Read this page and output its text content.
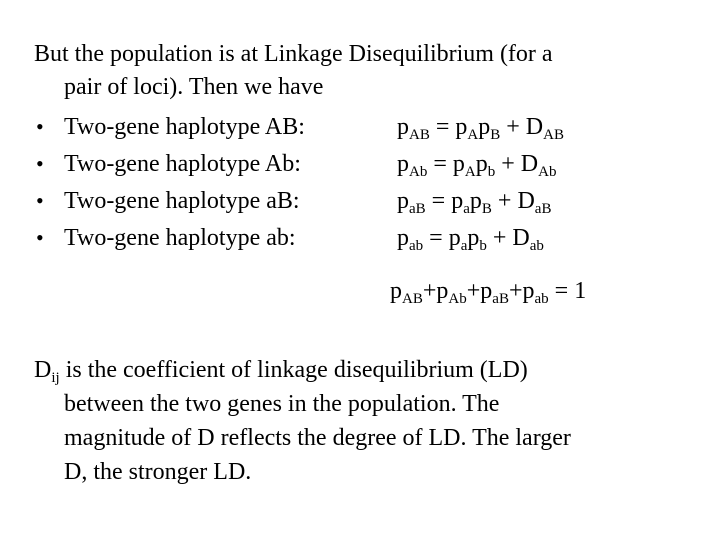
But the population is at Linkage Disequilibrium (for a
pair of loci). Then we have
• Two-gene haplotype AB:	$p_{AB} = p_Ap_B + D_{AB}$
• Two-gene haplotype Ab:	$p_{Ab} = p_Ap_b + D_{Ab}$
• Two-gene haplotype aB:	$p_{aB} = p_ap_B + D_{aB}$
• Two-gene haplotype ab:	$p_{ab} = p_ap_b + D_{ab}$
$p_{AB}+p_{Ab}+p_{aB}+p_{ab} = 1$
$D_{ij}$ is the coefficient of linkage disequilibrium (LD)
between the two genes in the population. The
magnitude of D reflects the degree of LD. The larger
D, the stronger LD.
